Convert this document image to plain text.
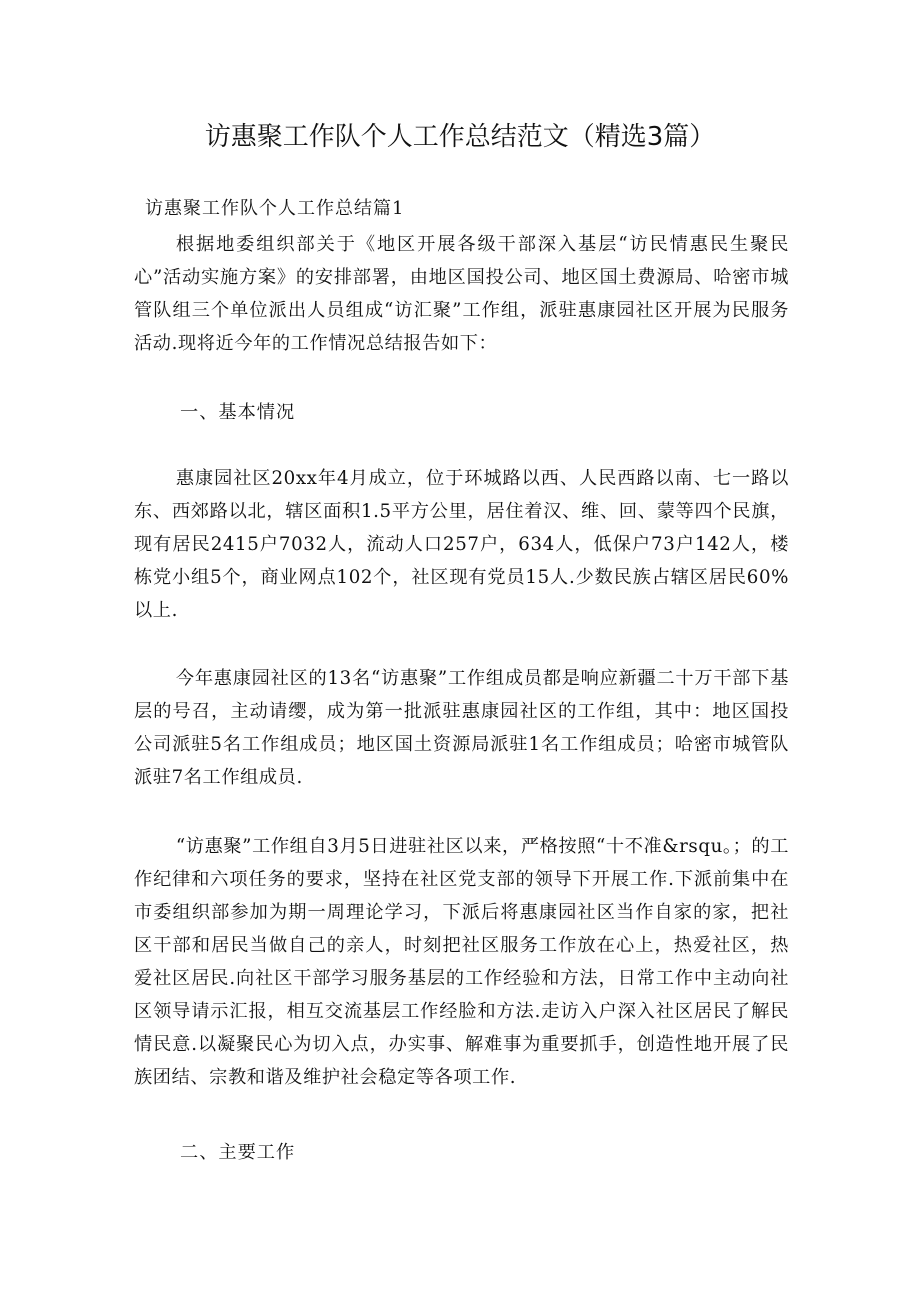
访惠聚工作队个人工作总结范文（精选3篇）

访惠聚工作队个人工作总结篇1

根据地委组织部关于《地区开展各级干部深入基层“访民情惠民生聚民心”活动实施方案》的安排部署，由地区国投公司、地区国土费源局、哈密市城管队组三个单位派出人员组成“访汇聚”工作组，派驻惠康园社区开展为民服务活动.现将近今年的工作情况总结报告如下：

一、基本情况

惠康园社区20xx年4月成立，位于环城路以西、人民西路以南、七一路以东、西郊路以北，辖区面积1.5平方公里，居住着汉、维、回、蒙等四个民旗，现有居民2415户7032人，流动人口257户，634人，低保户73户142人，楼栋党小组5个，商业网点102个，社区现有党员15人.少数民族占辖区居民60%以上.

今年惠康园社区的13名“访惠聚”工作组成员都是响应新疆二十万干部下基层的号召，主动请缨，成为第一批派驻惠康园社区的工作组，其中：地区国投公司派驻5名工作组成员；地区国土资源局派驻1名工作组成员；哈密市城管队派驻7名工作组成员.

“访惠聚”工作组自3月5日进驻社区以来，严格按照“十不准&rsqu。；的工作纪律和六项任务的要求，坚持在社区党支部的领导下开展工作.下派前集中在市委组织部参加为期一周理论学习，下派后将惠康园社区当作自家的家，把社区干部和居民当做自己的亲人，时刻把社区服务工作放在心上，热爱社区，热爱社区居民.向社区干部学习服务基层的工作经验和方法，日常工作中主动向社区领导请示汇报，相互交流基层工作经脸和方法.走访入户深入社区居民了解民情民意.以凝聚民心为切入点，办实事、解难事为重要抓手，创造性地开展了民族团结、宗教和谐及维护社会稳定等各项工作.

二、主要工作
